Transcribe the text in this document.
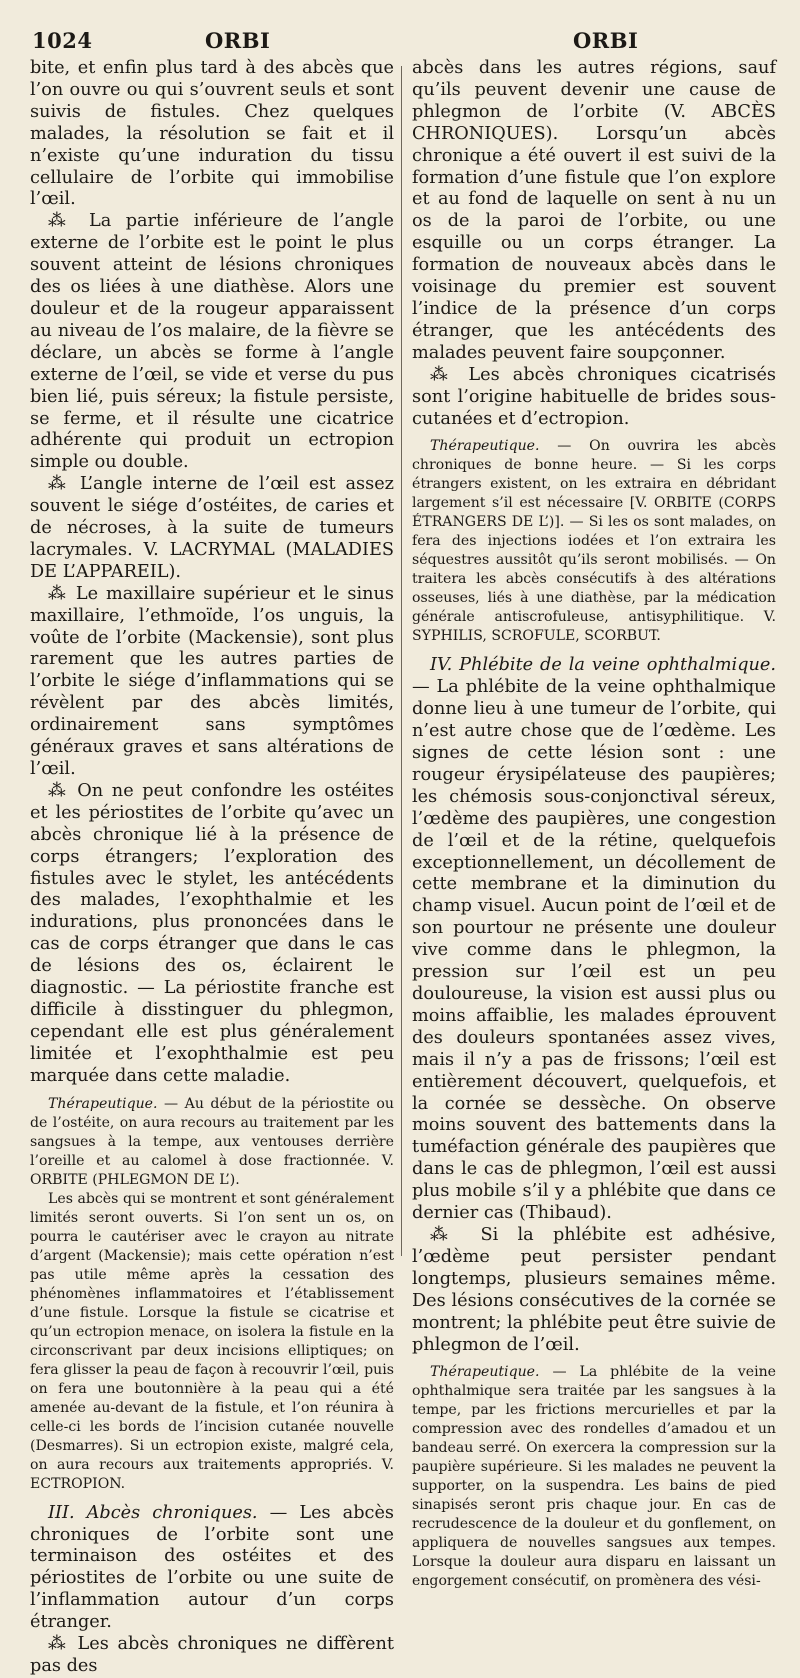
1024	ORBI	ORBI

bite, et enfin plus tard à des abcès que l’on ouvre ou qui s’ouvrent seuls et sont suivis de fistules. Chez quelques malades, la résolution se fait et il n’existe qu’une induration du tissu cellulaire de l’orbite qui immobilise l’œil.

⁂ La partie inférieure de l’angle externe de l’orbite est le point le plus souvent atteint de lésions chroniques des os liées à une diathèse. Alors une douleur et de la rougeur apparaissent au niveau de l’os malaire, de la fièvre se déclare, un abcès se forme à l’angle externe de l’œil, se vide et verse du pus bien lié, puis séreux; la fistule persiste, se ferme, et il résulte une cicatrice adhérente qui produit un ectropion simple ou double.

⁂ L’angle interne de l’œil est assez souvent le siége d’ostéites, de caries et de nécroses, à la suite de tumeurs lacrymales. V. LACRYMAL (MALADIES DE L’APPAREIL).

⁂ Le maxillaire supérieur et le sinus maxillaire, l’ethmoïde, l’os unguis, la voûte de l’orbite (Mackensie), sont plus rarement que les autres parties de l’orbite le siége d’inflammations qui se révèlent par des abcès limités, ordinairement sans symptômes généraux graves et sans altérations de l’œil.

⁂ On ne peut confondre les ostéites et les périostites de l’orbite qu’avec un abcès chronique lié à la présence de corps étrangers; l’exploration des fistules avec le stylet, les antécédents des malades, l’exophthalmie et les indurations, plus prononcées dans le cas de corps étranger que dans le cas de lésions des os, éclairent le diagnostic. — La périostite franche est difficile à disstinguer du phlegmon, cependant elle est plus généralement limitée et l’exophthalmie est peu marquée dans cette maladie.

Thérapeutique. — Au début de la périostite ou de l’ostéite, on aura recours au traitement par les sangsues à la tempe, aux ventouses derrière l’oreille et au calomel à dose fractionnée. V. ORBITE (PHLEGMON DE L’).

Les abcès qui se montrent et sont généralement limités seront ouverts. Si l’on sent un os, on pourra le cautériser avec le crayon au nitrate d’argent (Mackensie); mais cette opération n’est pas utile même après la cessation des phénomènes inflammatoires et l’établissement d’une fistule. Lorsque la fistule se cicatrise et qu’un ectropion menace, on isolera la fistule en la circonscrivant par deux incisions elliptiques; on fera glisser la peau de façon à recouvrir l’œil, puis on fera une boutonnière à la peau qui a été amenée au-devant de la fistule, et l’on réunira à celle-ci les bords de l’incision cutanée nouvelle (Desmarres). Si un ectropion existe, malgré cela, on aura recours aux traitements appropriés. V. ECTROPION.

III. Abcès chroniques. — Les abcès chroniques de l’orbite sont une terminaison des ostéites et des périostites de l’orbite ou une suite de l’inflammation autour d’un corps étranger.

⁂ Les abcès chroniques ne diffèrent pas des

abcès dans les autres régions, sauf qu’ils peuvent devenir une cause de phlegmon de l’orbite (V. ABCÈS CHRONIQUES). Lorsqu’un abcès chronique a été ouvert il est suivi de la formation d’une fistule que l’on explore et au fond de laquelle on sent à nu un os de la paroi de l’orbite, ou une esquille ou un corps étranger. La formation de nouveaux abcès dans le voisinage du premier est souvent l’indice de la présence d’un corps étranger, que les antécédents des malades peuvent faire soupçonner.

⁂ Les abcès chroniques cicatrisés sont l’origine habituelle de brides sous-cutanées et d’ectropion.

Thérapeutique. — On ouvrira les abcès chroniques de bonne heure. — Si les corps étrangers existent, on les extraira en débridant largement s’il est nécessaire [V. ORBITE (CORPS ÉTRANGERS DE L’)]. — Si les os sont malades, on fera des injections iodées et l’on extraira les séquestres aussitôt qu’ils seront mobilisés. — On traitera les abcès consécutifs à des altérations osseuses, liés à une diathèse, par la médication générale antiscrofuleuse, antisyphilitique. V. SYPHILIS, SCROFULE, SCORBUT.

IV. Phlébite de la veine ophthalmique. — La phlébite de la veine ophthalmique donne lieu à une tumeur de l’orbite, qui n’est autre chose que de l’œdème. Les signes de cette lésion sont : une rougeur érysipélateuse des paupières; les chémosis sous-conjonctival séreux, l’œdème des paupières, une congestion de l’œil et de la rétine, quelquefois exceptionnellement, un décollement de cette membrane et la diminution du champ visuel. Aucun point de l’œil et de son pourtour ne présente une douleur vive comme dans le phlegmon, la pression sur l’œil est un peu douloureuse, la vision est aussi plus ou moins affaiblie, les malades éprouvent des douleurs spontanées assez vives, mais il n’y a pas de frissons; l’œil est entièrement découvert, quelquefois, et la cornée se dessèche. On observe moins souvent des battements dans la tuméfaction générale des paupières que dans le cas de phlegmon, l’œil est aussi plus mobile s’il y a phlébite que dans ce dernier cas (Thibaud).

⁂ Si la phlébite est adhésive, l’œdème peut persister pendant longtemps, plusieurs semaines même. Des lésions consécutives de la cornée se montrent; la phlébite peut être suivie de phlegmon de l’œil.

Thérapeutique. — La phlébite de la veine ophthalmique sera traitée par les sangsues à la tempe, par les frictions mercurielles et par la compression avec des rondelles d’amadou et un bandeau serré. On exercera la compression sur la paupière supérieure. Si les malades ne peuvent la supporter, on la suspendra. Les bains de pied sinapisés seront pris chaque jour. En cas de recrudescence de la douleur et du gonflement, on appliquera de nouvelles sangsues aux tempes. Lorsque la douleur aura disparu en laissant un engorgement consécutif, on promènera des vési-
